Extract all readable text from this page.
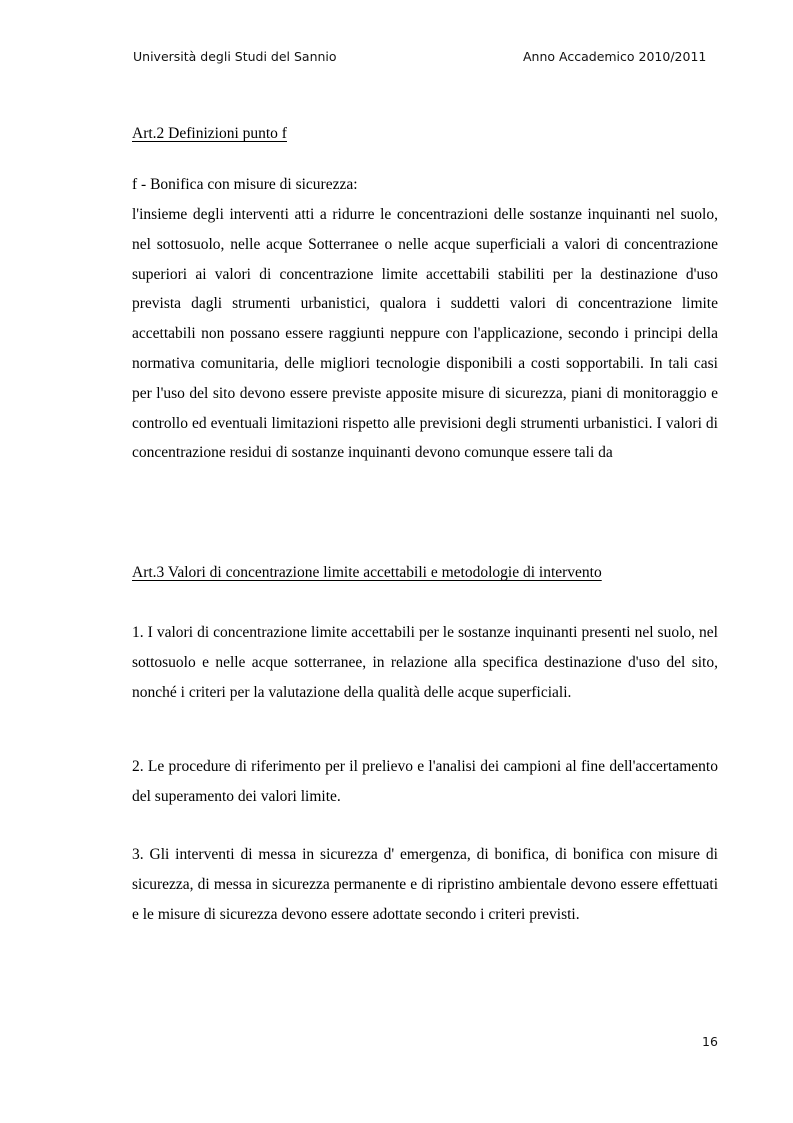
Università degli Studi del Sannio	Anno Accademico 2010/2011
Art.2 Definizioni punto f
f - Bonifica con misure di sicurezza:

l'insieme degli interventi atti a ridurre le concentrazioni delle sostanze inquinanti nel suolo, nel sottosuolo, nelle acque Sotterranee o nelle acque superficiali a valori di concentrazione superiori ai valori di concentrazione limite accettabili stabiliti per la destinazione d'uso prevista dagli strumenti urbanistici, qualora i suddetti valori di concentrazione limite accettabili non possano essere raggiunti neppure con l'applicazione, secondo i principi della normativa comunitaria, delle migliori tecnologie disponibili a costi sopportabili. In tali casi per l'uso del sito devono essere previste apposite misure di sicurezza, piani di monitoraggio e controllo ed eventuali limitazioni rispetto alle previsioni degli strumenti urbanistici. I valori di concentrazione residui di sostanze inquinanti devono comunque essere tali da

Art.3 Valori di concentrazione limite accettabili e metodologie di intervento

1. I valori di concentrazione limite accettabili per le sostanze inquinanti presenti nel suolo, nel sottosuolo e nelle acque sotterranee, in relazione alla specifica destinazione d'uso del sito, nonché i criteri per la valutazione della qualità delle acque superficiali.

2. Le procedure di riferimento per il prelievo e l'analisi dei campioni al fine dell'accertamento del superamento dei valori limite.

3. Gli interventi di messa in sicurezza d' emergenza, di bonifica, di bonifica con misure di sicurezza, di messa in sicurezza permanente e di ripristino ambientale devono essere effettuati e le misure di sicurezza devono essere adottate secondo i criteri previsti.

16
